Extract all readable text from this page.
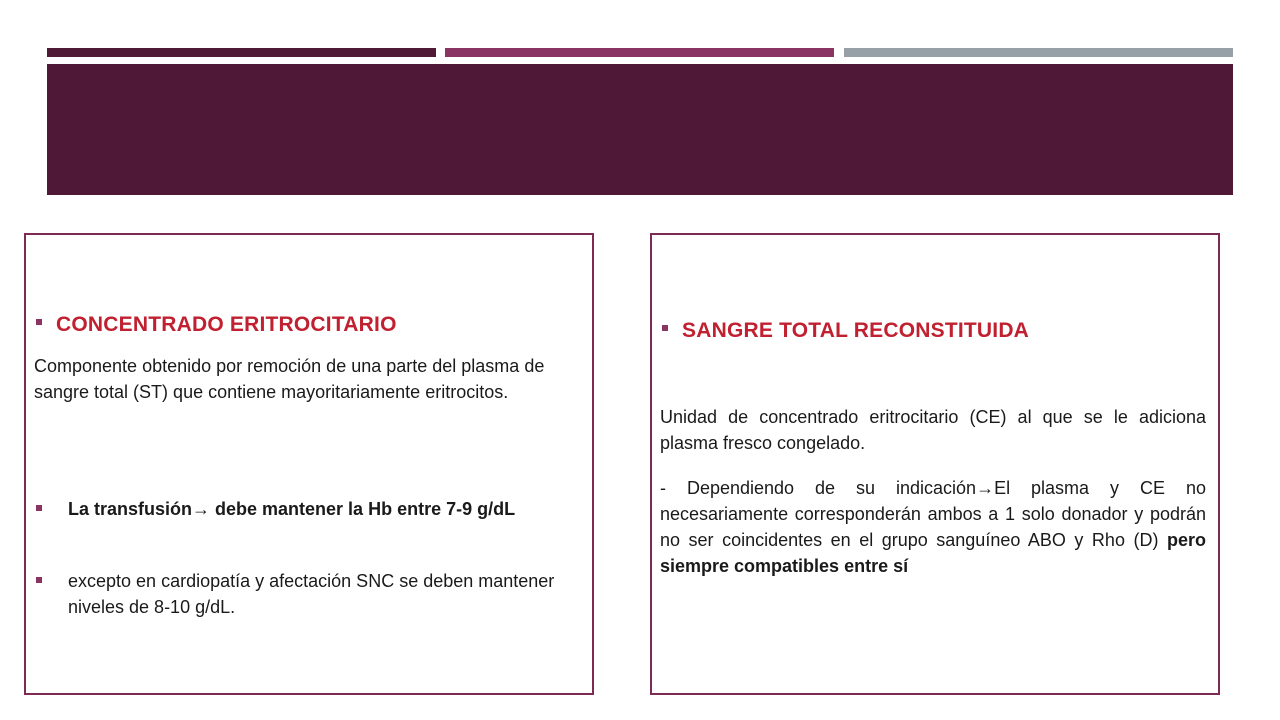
CONCENTRADO ERITROCITARIO
Componente obtenido por remoción de una parte del plasma de sangre total (ST) que contiene mayoritariamente eritrocitos.
La transfusión→ debe mantener la Hb entre 7-9 g/dL
excepto en cardiopatía y afectación SNC se deben mantener niveles de 8-10 g/dL.
SANGRE TOTAL RECONSTITUIDA
Unidad de concentrado eritrocitario (CE) al que se le adiciona plasma fresco congelado.
- Dependiendo de su indicación→El plasma y CE no necesariamente corresponderán ambos a 1 solo donador y podrán no ser coincidentes en el grupo sanguíneo ABO y Rho (D) pero siempre compatibles entre sí
